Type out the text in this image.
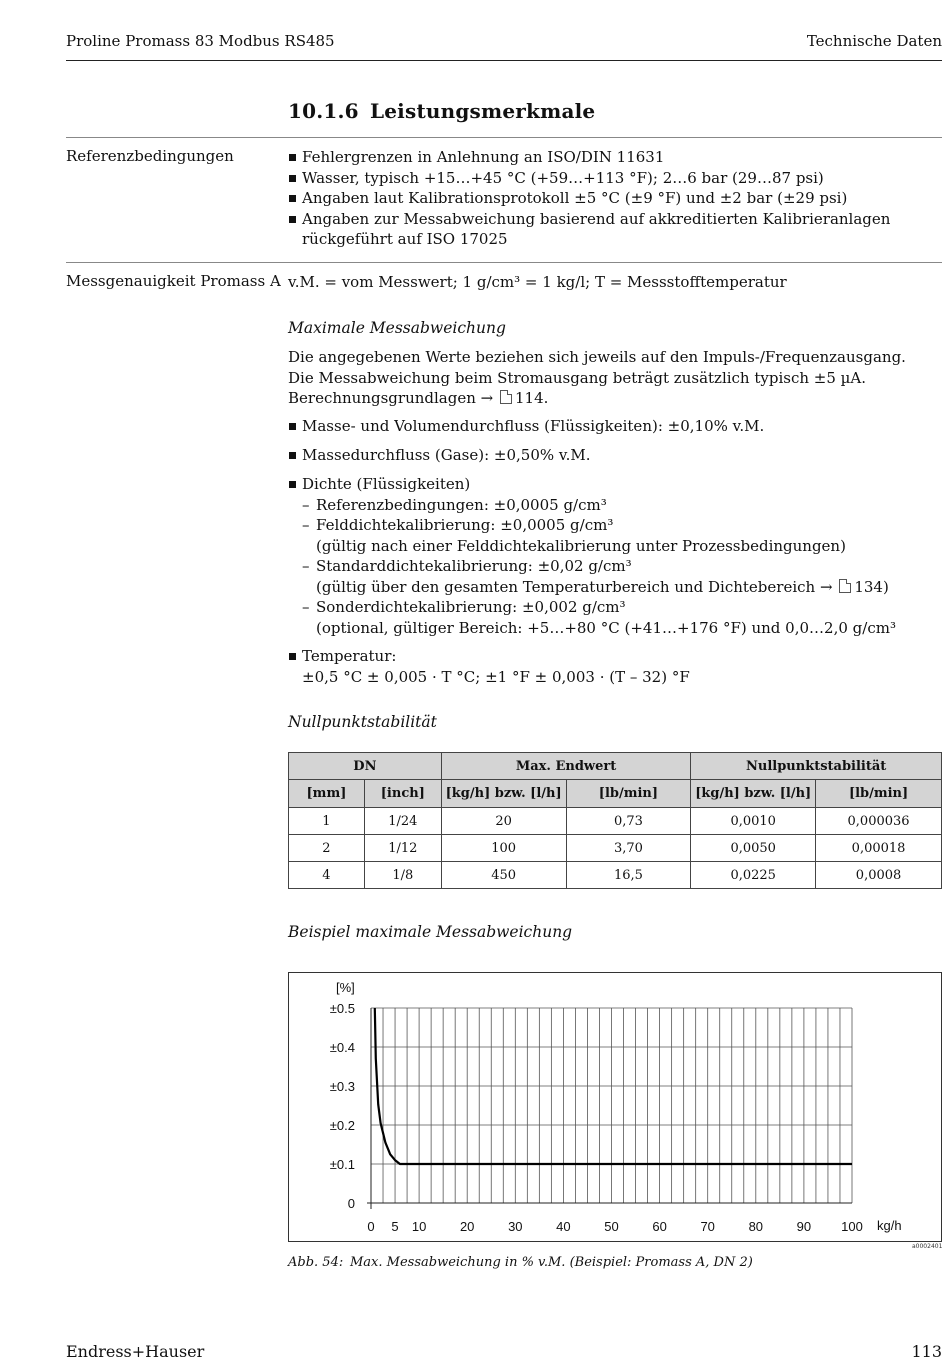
Proline Promass 83 Modbus RS485	Technische Daten
10.1.6 Leistungsmerkmale
Referenzbedingungen	Fehlergrenzen in Anlehnung an ISO/DIN 11631
Wasser, typisch +15…+45 °C (+59…+113 °F); 2…6 bar (29…87 psi)
Angaben laut Kalibrationsprotokoll ±5 °C (±9 °F) und ±2 bar (±29 psi)
Angaben zur Messabweichung basierend auf akkreditierten Kalibrieranlagen rückgeführt auf ISO 17025
Messgenauigkeit Promass A v.M. = vom Messwert; 1 g/cm³ = 1 kg/l; T = Messstofftemperatur
Maximale Messabweichung
Die angegebenen Werte beziehen sich jeweils auf den Impuls-/Frequenzausgang.
Die Messabweichung beim Stromausgang beträgt zusätzlich typisch ±5 µA.
Berechnungsgrundlagen → 114.
Masse- und Volumendurchfluss (Flüssigkeiten): ±0,10% v.M.
Massedurchfluss (Gase): ±0,50% v.M.
Dichte (Flüssigkeiten)
– Referenzbedingungen: ±0,0005 g/cm³
– Felddichtekalibrierung: ±0,0005 g/cm³
(gültig nach einer Felddichtekalibrierung unter Prozessbedingungen)
– Standarddichtekalibrierung: ±0,02 g/cm³
(gültig über den gesamten Temperaturbereich und Dichtebereich → 134)
– Sonderdichtekalibrierung: ±0,002 g/cm³
(optional, gültiger Bereich: +5…+80 °C (+41…+176 °F) und 0,0…2,0 g/cm³
Temperatur:
±0,5 °C ± 0,005 · T °C; ±1 °F ± 0,003 · (T – 32) °F
Nullpunktstabilität
DN		Max. Endwert		Nullpunktstabilität	
[mm]	[inch]	[kg/h] bzw. [l/h]	[lb/min]	[kg/h] bzw. [l/h]	[lb/min]
1	1/24	20	0,73	0,0010	0,000036
2	1/12	100	3,70	0,0050	0,00018
4	1/8	450	16,5	0,0225	0,0008
Beispiel maximale Messabweichung
0
±0.1
±0.2
±0.3
±0.4
±0.5
0 5 10	20	30	40	50	60	70	80	90 100
[%]
kg/h
a0002401
Abb. 54: Max. Messabweichung in % v.M. (Beispiel: Promass A, DN 2)
Endress+Hauser	113
